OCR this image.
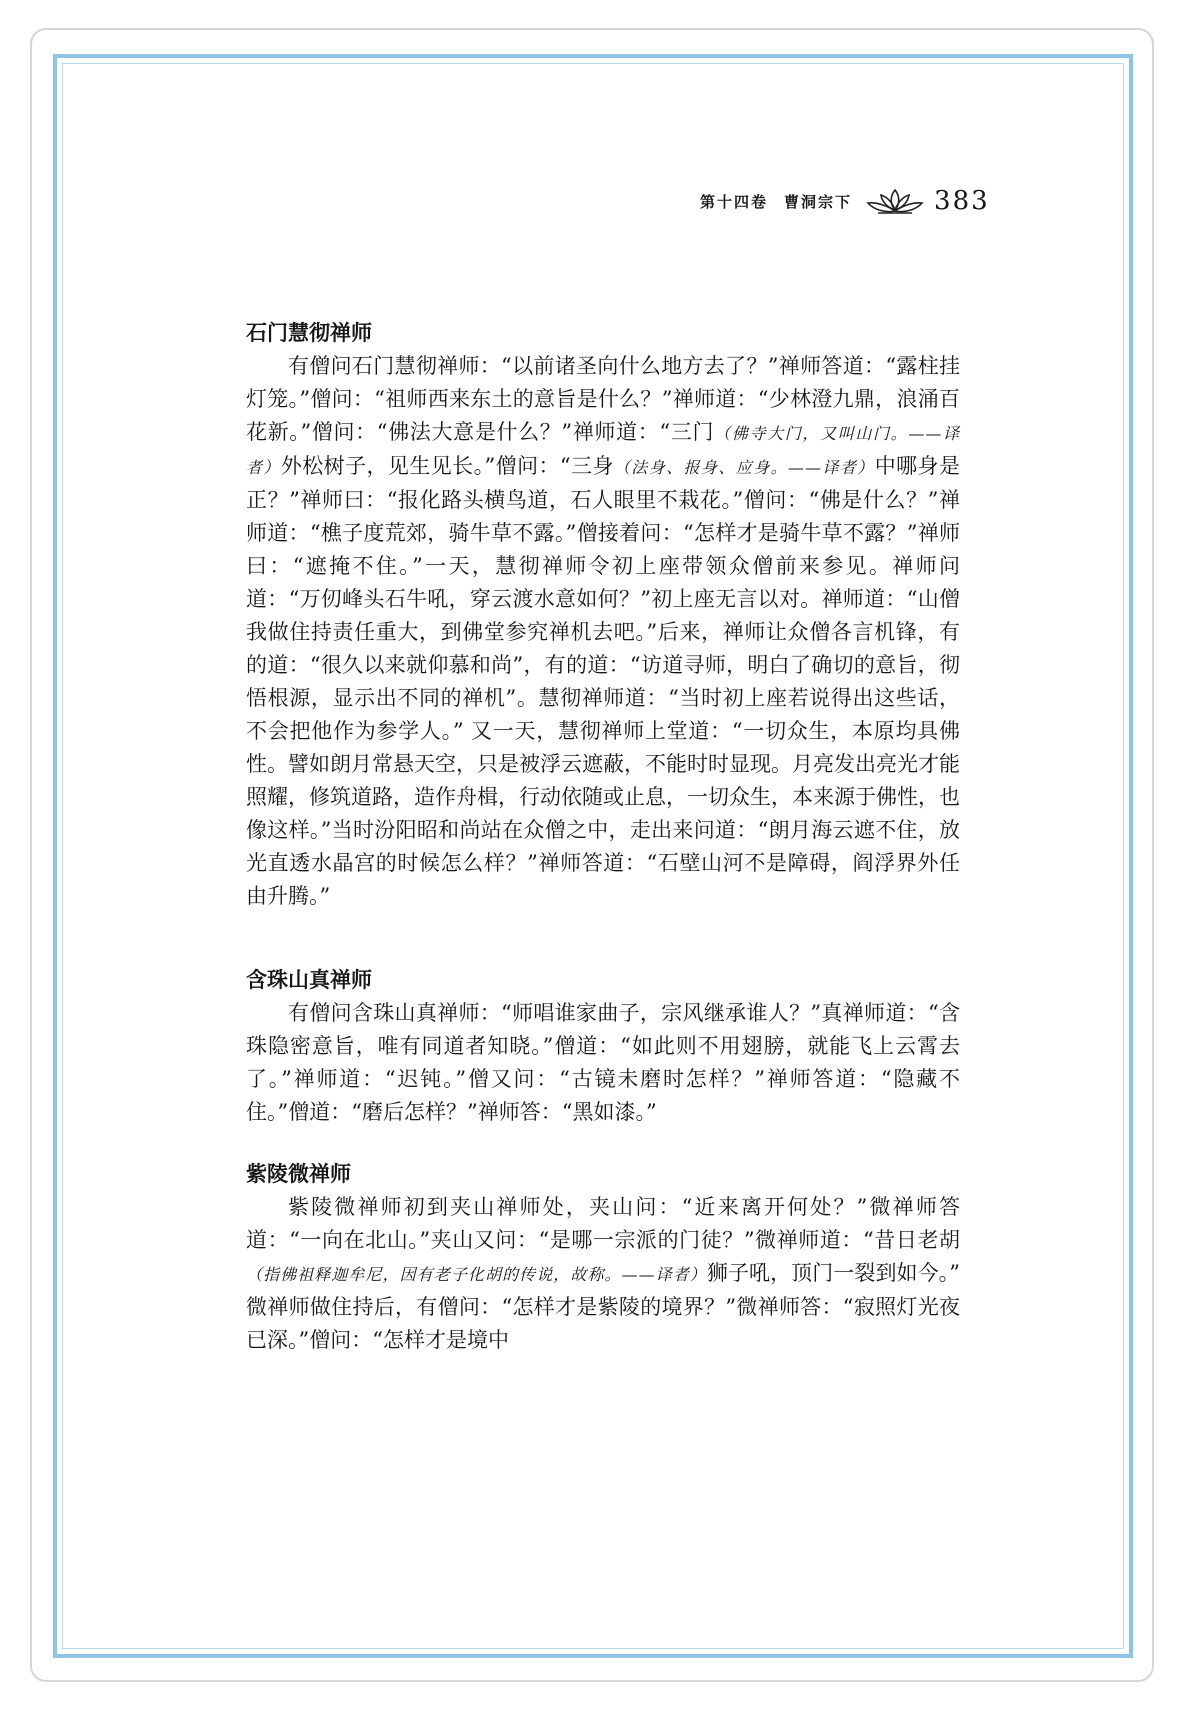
第十四卷 曹洞宗下	383
石门慧彻禅师

有僧问石门慧彻禅师：“以前诸圣向什么地方去了？”禅师答道：“露柱挂灯笼。”僧问：“祖师西来东土的意旨是什么？”禅师道：“少林澄九鼎，浪涌百花新。”僧问：“佛法大意是什么？”禅师道：“三门（佛寺大门，又叫山门。——译者）外松树子，见生见长。”僧问：“三身（法身、报身、应身。——译者）中哪身是正？”禅师曰：“报化路头横鸟道，石人眼里不栽花。”僧问：“佛是什么？”禅师道：“樵子度荒郊，骑牛草不露。”僧接着问：“怎样才是骑牛草不露？”禅师曰：“遮掩不住。”一天，慧彻禅师令初上座带领众僧前来参见。禅师问道：“万仞峰头石牛吼，穿云渡水意如何？”初上座无言以对。禅师道：“山僧我做住持责任重大，到佛堂参究禅机去吧。”后来，禅师让众僧各言机锋，有的道：“很久以来就仰慕和尚”，有的道：“访道寻师，明白了确切的意旨，彻悟根源，显示出不同的禅机”。慧彻禅师道：“当时初上座若说得出这些话，不会把他作为参学人。” 又一天，慧彻禅师上堂道：“一切众生，本原均具佛性。譬如朗月常悬天空，只是被浮云遮蔽，不能时时显现。月亮发出亮光才能照耀，修筑道路，造作舟楫，行动依随或止息，一切众生，本来源于佛性，也像这样。”当时汾阳昭和尚站在众僧之中，走出来问道：“朗月海云遮不住，放光直透水晶宫的时候怎么样？”禅师答道：“石壁山河不是障碍，阎浮界外任由升腾。”

含珠山真禅师

有僧问含珠山真禅师：“师唱谁家曲子，宗风继承谁人？”真禅师道：“含珠隐密意旨，唯有同道者知晓。”僧道：“如此则不用翅膀，就能飞上云霄去了。”禅师道：“迟钝。”僧又问：“古镜未磨时怎样？”禅师答道：“隐藏不住。”僧道：“磨后怎样？”禅师答：“黑如漆。”

紫陵微禅师

紫陵微禅师初到夹山禅师处，夹山问：“近来离开何处？”微禅师答道：“一向在北山。”夹山又问：“是哪一宗派的门徒？”微禅师道：“昔日老胡（指佛祖释迦牟尼，因有老子化胡的传说，故称。——译者）狮子吼，顶门一裂到如今。” 微禅师做住持后，有僧问：“怎样才是紫陵的境界？”微禅师答：“寂照灯光夜已深。”僧问：“怎样才是境中
